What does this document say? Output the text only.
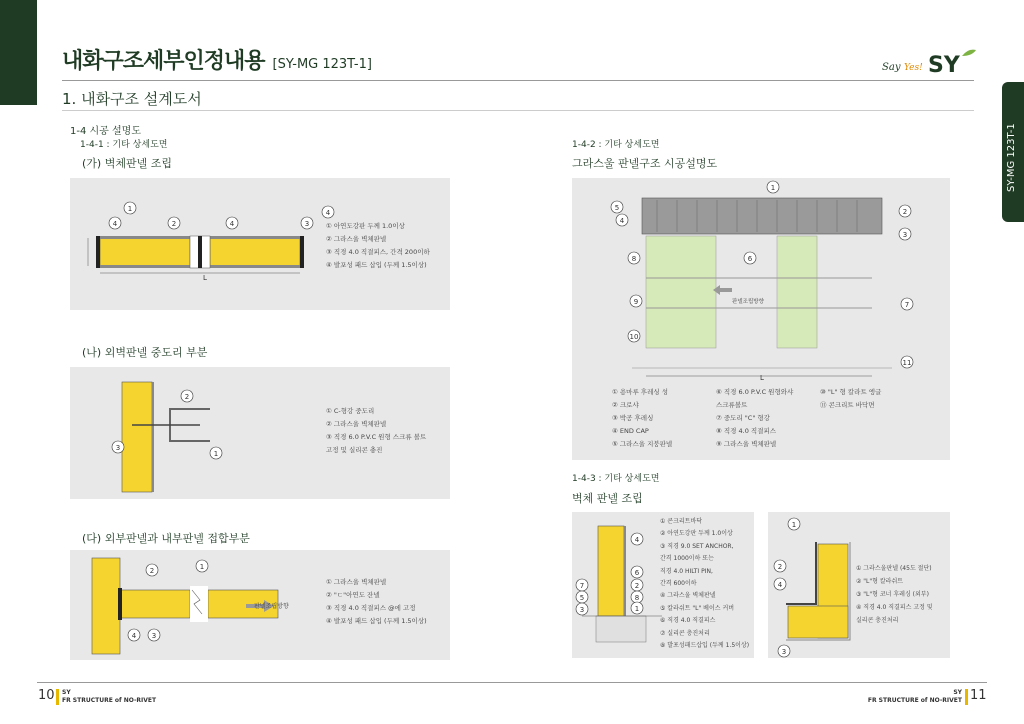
내화구조세부인정내용 [SY-MG 123T-1]	Say Yes! SY
1. 내화구조 설계도서
SY-MG 123T-1
1-4 시공 설명도
1-4-1 : 기타 상세도면
(가) 벽체판넬 조립
1
4	2	4	3
4
L
① 아연도강판 두께 1.0이상
② 그라스울 벽체판넬
③ 직경 4.0 직결피스, 간격 200이하
④ 발포성 패드 삽입 (두께 1.5이상)
(나) 외벽판넬 중도리 부분
2
3
1
① C-형강 중도리
② 그라스울 벽체판넬
③ 직경 6.0 P.V.C 원형 스크류 볼트
고정 및 실리콘 충진
(다) 외부판넬과 내부판넬 접합부분
2	1
4 3
판넬조립방향
① 그라스울 벽체판넬
② "ㄷ"아연도 잔넬
③ 직경 4.0 직결피스 @에 고정
④ 발포성 패드 삽입 (두께 1.5이상)
1-4-2 : 기타 상세도면
그라스울 판넬구조 시공설명도
1
5
4
2
3
8	6
9	7
10
11
L
판넬조립방향
① 용마루 후레싱 성
② 크로샤
③ 박공 후레싱
④ END CAP
⑤ 그라스울 지붕판넬
⑥ 직경 6.0 P.V.C 원형와샤
스크류볼트
⑦ 중도리 "C" 형강
⑧ 직경 4.0 직결피스
⑨ 그라스울 벽체판넬
⑩ "L" 형 칼라트 엥글
⑪ 콘크리트 바닥면
1-4-3 : 기타 상세도면
벽체 판넬 조립
4
6
2
7
8
5
1
3
① 콘크리트바닥
② 아연도강판 두께 1.0이상
③ 직경 9.0 SET ANCHOR,
간격 1000이하 또는
직경 4.0 HILTI PIN,
간격 600이하
④ 그라스울 벽체판넬
⑤ 칼라쉬트 "L" 베이스 커버
⑥ 직경 4.0 직결피스
⑦ 실리콘 충진처리
⑧ 발포성패드삽입 (두께 1.5이상)
1
2
4
3
① 그라스울판넬 (45도 절단)
② "L"형 칼라쉬트
③ "L"형 코너 후레싱 (외부)
④ 직경 4.0 직결피스 고정 및
실리콘 충진처리
10 SY
FR STRUCTURE of NO-RIVET
SY
FR STRUCTURE of NO-RIVET 11
